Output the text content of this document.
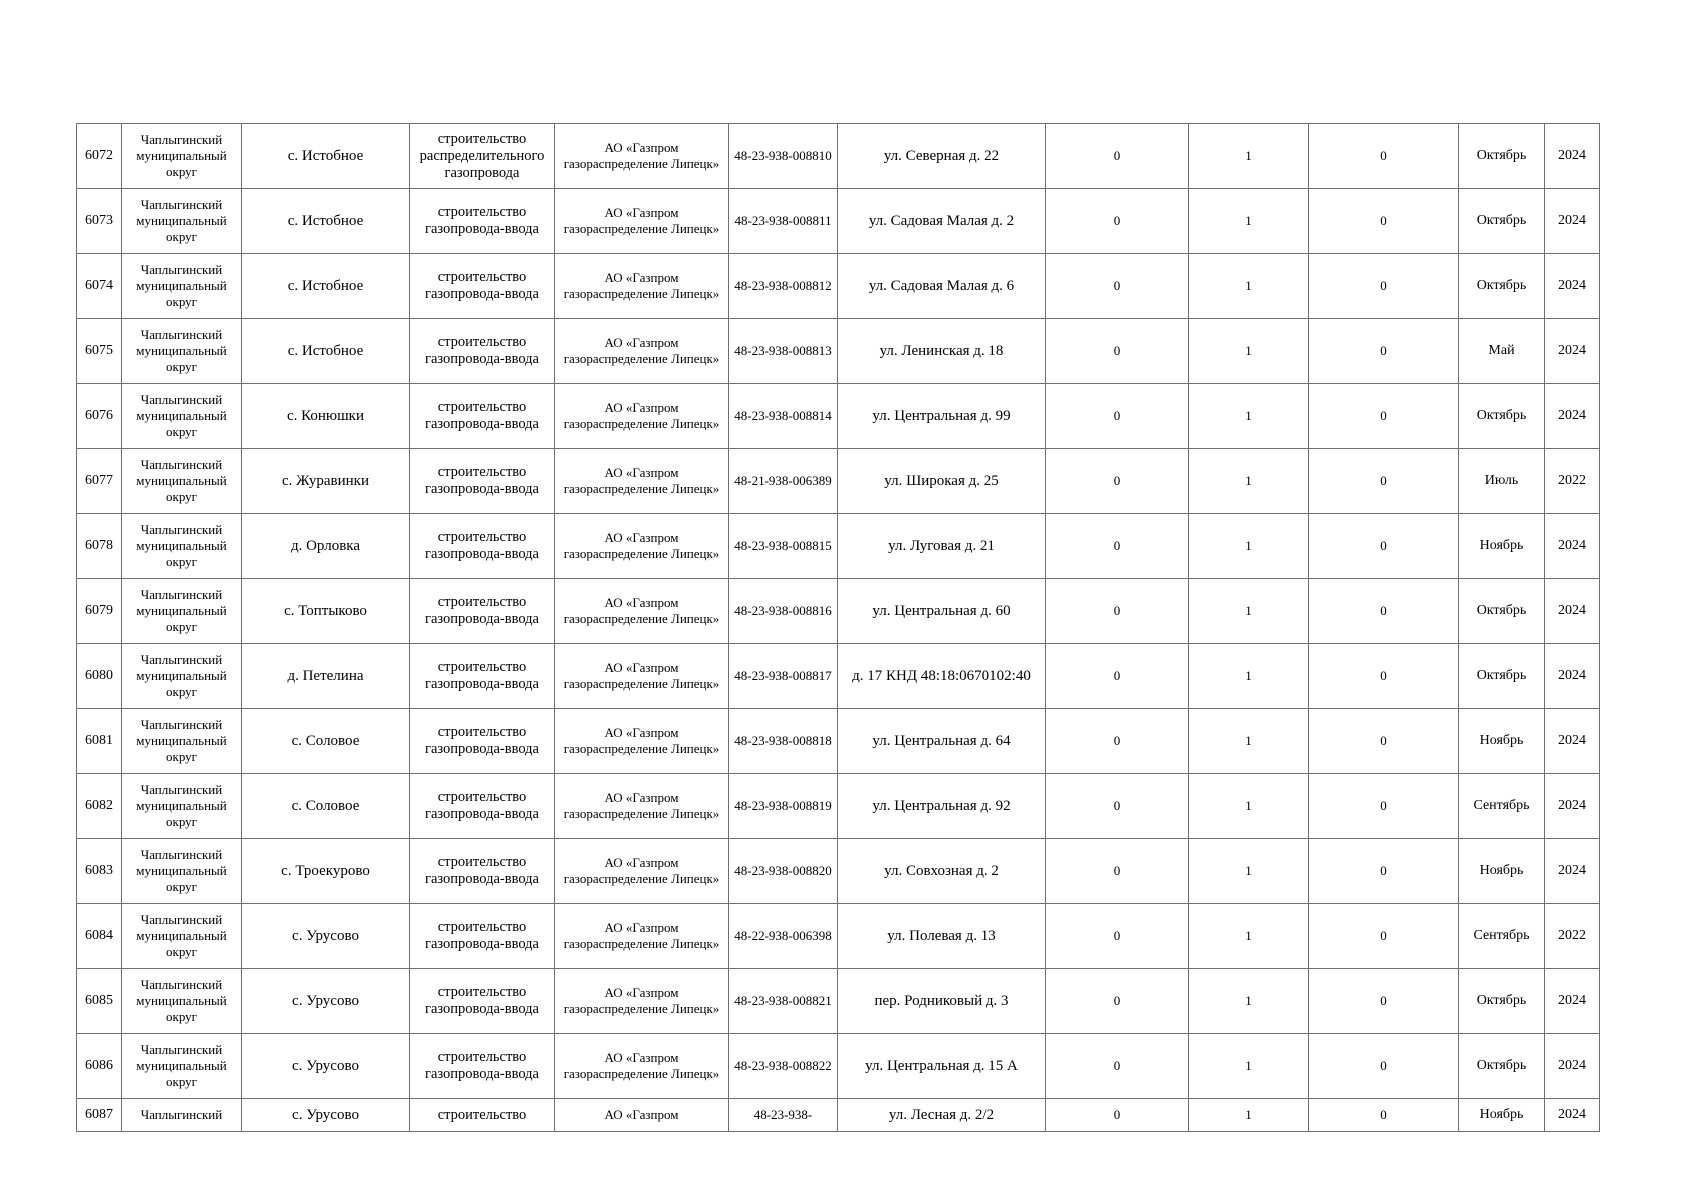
6072	Чаплыгинский муниципальный округ	с. Истобное	строительство распределительного газопровода	АО «Газпром газораспределение Липецк»	48-23-938-008810	ул. Северная д. 22	0	1	0	Октябрь	2024
6073	Чаплыгинский муниципальный округ	с. Истобное	строительство газопровода-ввода	АО «Газпром газораспределение Липецк»	48-23-938-008811	ул. Садовая Малая д. 2	0	1	0	Октябрь	2024
6074	Чаплыгинский муниципальный округ	с. Истобное	строительство газопровода-ввода	АО «Газпром газораспределение Липецк»	48-23-938-008812	ул. Садовая Малая д. 6	0	1	0	Октябрь	2024
6075	Чаплыгинский муниципальный округ	с. Истобное	строительство газопровода-ввода	АО «Газпром газораспределение Липецк»	48-23-938-008813	ул. Ленинская д. 18	0	1	0	Май	2024
6076	Чаплыгинский муниципальный округ	с. Конюшки	строительство газопровода-ввода	АО «Газпром газораспределение Липецк»	48-23-938-008814	ул. Центральная д. 99	0	1	0	Октябрь	2024
6077	Чаплыгинский муниципальный округ	с. Журавинки	строительство газопровода-ввода	АО «Газпром газораспределение Липецк»	48-21-938-006389	ул. Широкая д. 25	0	1	0	Июль	2022
6078	Чаплыгинский муниципальный округ	д. Орловка	строительство газопровода-ввода	АО «Газпром газораспределение Липецк»	48-23-938-008815	ул. Луговая д. 21	0	1	0	Ноябрь	2024
6079	Чаплыгинский муниципальный округ	с. Топтыково	строительство газопровода-ввода	АО «Газпром газораспределение Липецк»	48-23-938-008816	ул. Центральная д. 60	0	1	0	Октябрь	2024
6080	Чаплыгинский муниципальный округ	д. Петелина	строительство газопровода-ввода	АО «Газпром газораспределение Липецк»	48-23-938-008817	д. 17 КНД 48:18:0670102:40	0	1	0	Октябрь	2024
6081	Чаплыгинский муниципальный округ	с. Соловое	строительство газопровода-ввода	АО «Газпром газораспределение Липецк»	48-23-938-008818	ул. Центральная д. 64	0	1	0	Ноябрь	2024
6082	Чаплыгинский муниципальный округ	с. Соловое	строительство газопровода-ввода	АО «Газпром газораспределение Липецк»	48-23-938-008819	ул. Центральная д. 92	0	1	0	Сентябрь	2024
6083	Чаплыгинский муниципальный округ	с. Троекурово	строительство газопровода-ввода	АО «Газпром газораспределение Липецк»	48-23-938-008820	ул. Совхозная д. 2	0	1	0	Ноябрь	2024
6084	Чаплыгинский муниципальный округ	с. Урусово	строительство газопровода-ввода	АО «Газпром газораспределение Липецк»	48-22-938-006398	ул. Полевая д. 13	0	1	0	Сентябрь	2022
6085	Чаплыгинский муниципальный округ	с. Урусово	строительство газопровода-ввода	АО «Газпром газораспределение Липецк»	48-23-938-008821	пер. Родниковый д. 3	0	1	0	Октябрь	2024
6086	Чаплыгинский муниципальный округ	с. Урусово	строительство газопровода-ввода	АО «Газпром газораспределение Липецк»	48-23-938-008822	ул. Центральная д. 15 А	0	1	0	Октябрь	2024
6087	Чаплыгинский	с. Урусово	строительство	АО «Газпром	48-23-938-	ул. Лесная д. 2/2	0	1	0	Ноябрь	2024
